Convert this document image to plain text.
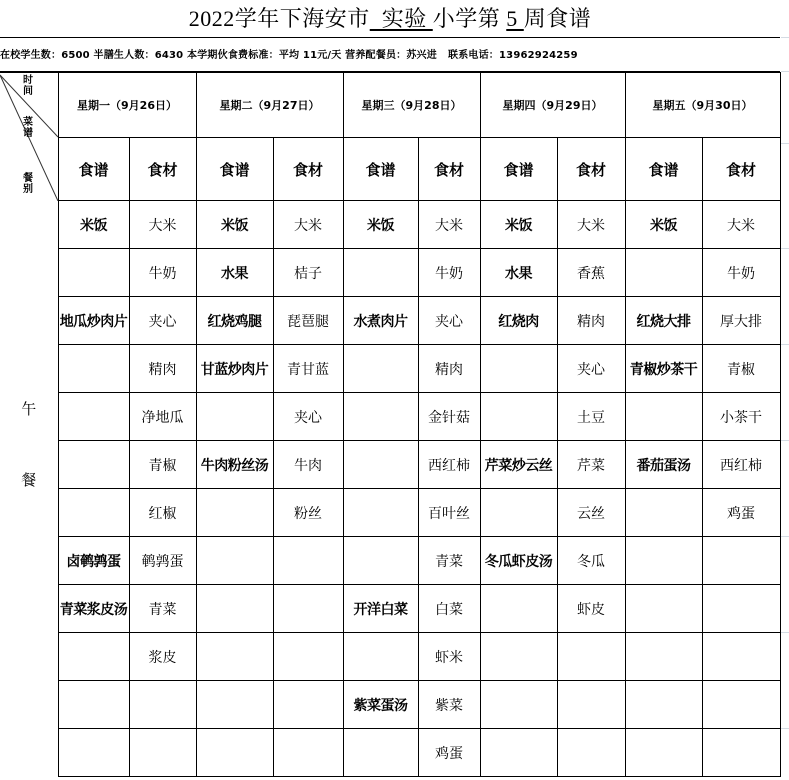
2022学年下海安市  实验 小学第 5 周食谱
在校学生数：6500 半膳生人数：6430 本学期伙食费标准：平均 11元/天 营养配餐员：苏兴进   联系电话：13962924259
时
间
菜
谱
餐
别
	星期一（9月26日）	星期二（9月27日）	星期三（9月28日）	星期四（9月29日）	星期五（9月30日）
	食谱	食材	食谱	食材	食谱	食材	食谱	食材	食谱	食材

午
餐	米饭	大米	米饭	大米	米饭	大米	米饭	大米	米饭	大米
		牛奶	水果	桔子		牛奶	水果	香蕉		牛奶
	地瓜炒肉片	夹心	红烧鸡腿	琵琶腿	水煮肉片	夹心	红烧肉	精肉	红烧大排	厚大排
		精肉	甘蓝炒肉片	青甘蓝		精肉		夹心	青椒炒茶干	青椒
		净地瓜		夹心		金针菇		土豆		小茶干
		青椒	牛肉粉丝汤	牛肉		西红柿	芹菜炒云丝	芹菜	番茄蛋汤	西红柿
		红椒		粉丝		百叶丝		云丝		鸡蛋
	卤鹌鹑蛋	鹌鹑蛋				青菜	冬瓜虾皮汤	冬瓜		
	青菜浆皮汤	青菜			开洋白菜	白菜		虾皮		
		浆皮				虾米				
					紫菜蛋汤	紫菜				
						鸡蛋				
